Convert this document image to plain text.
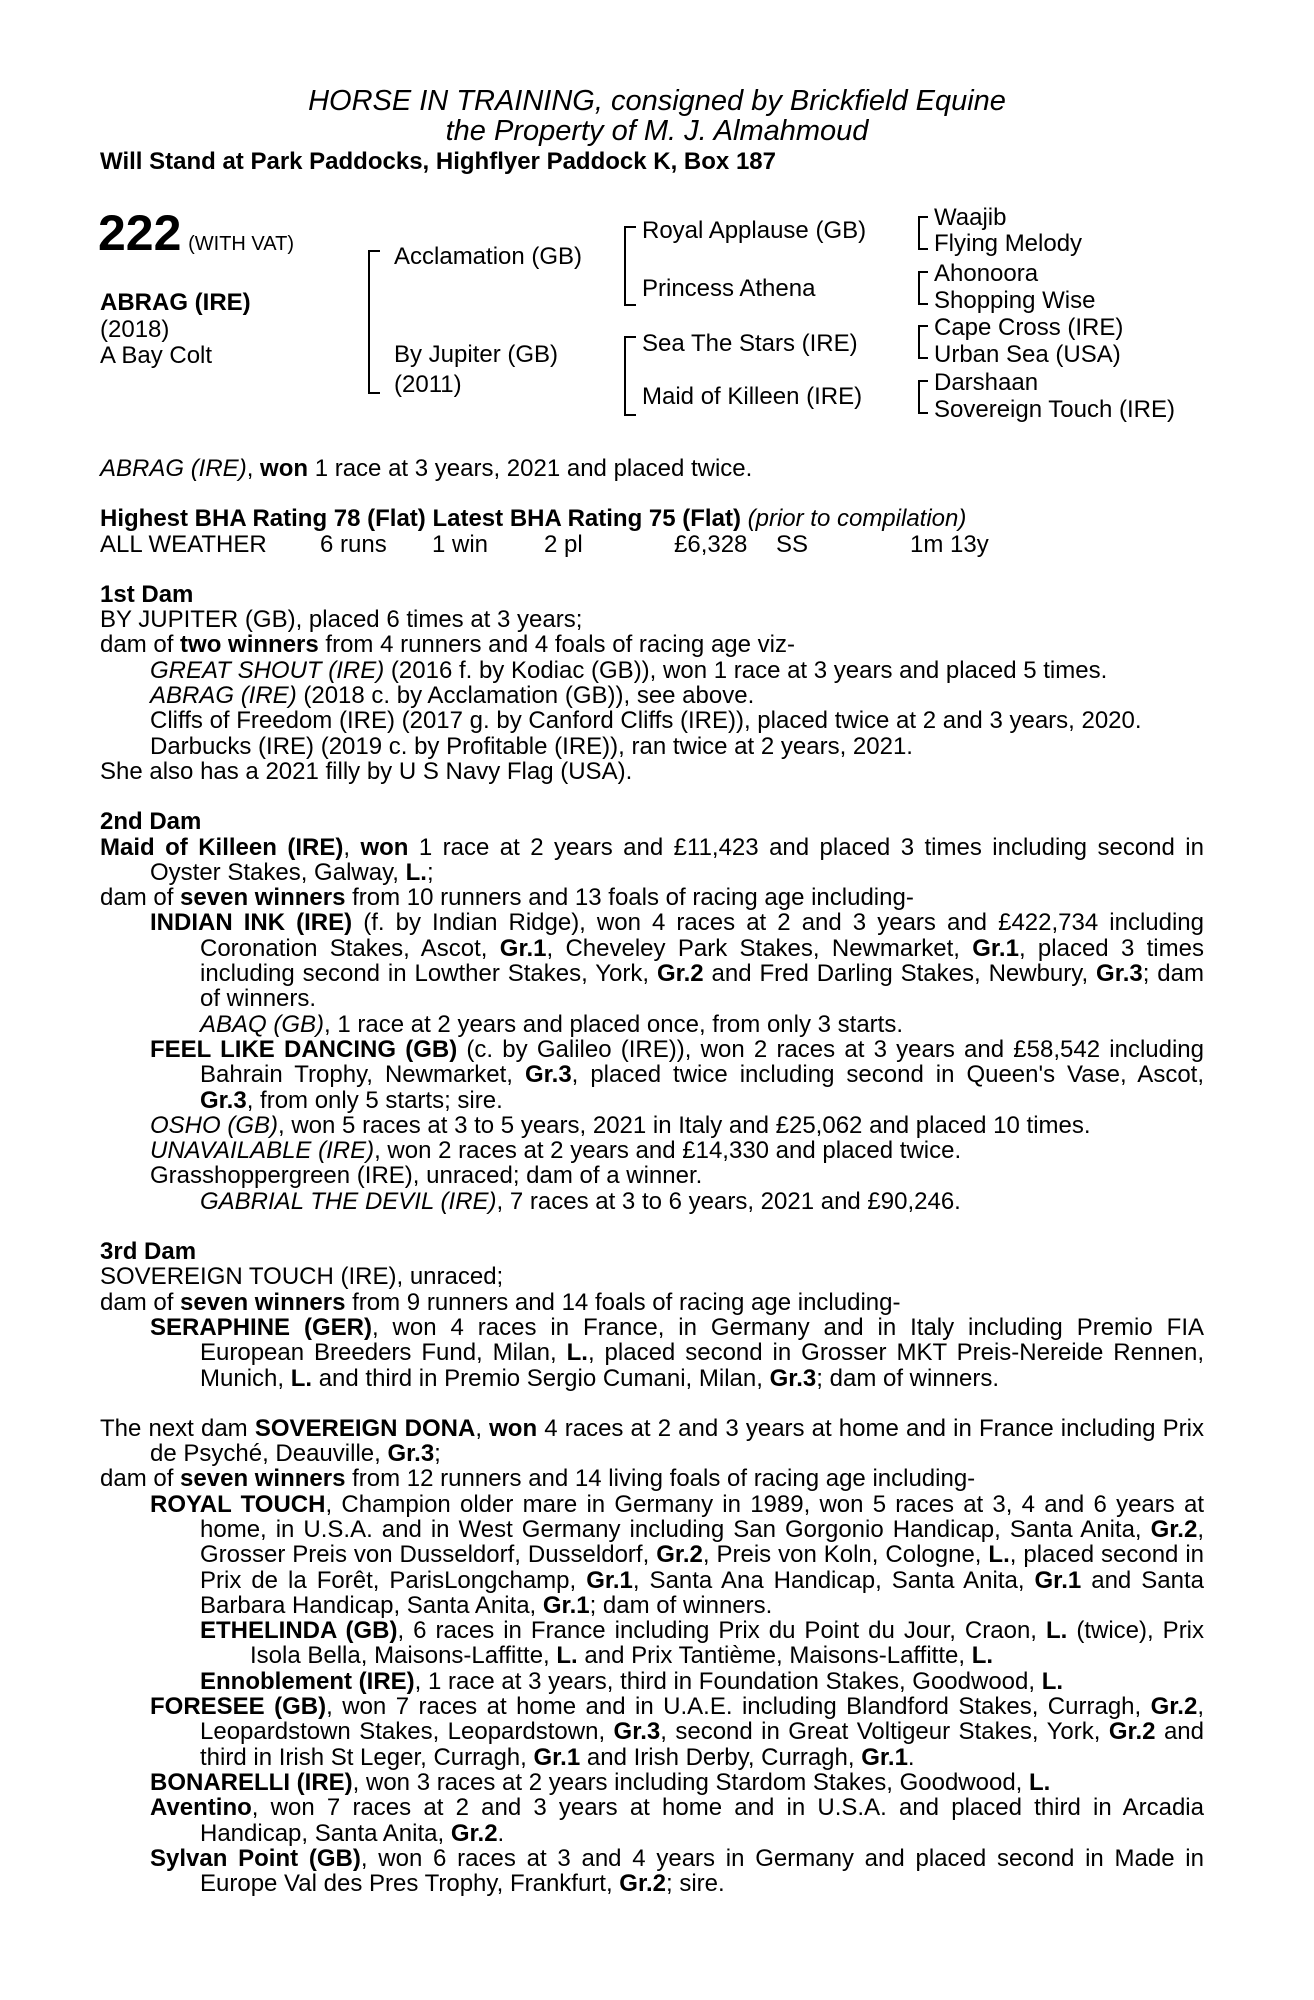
HORSE IN TRAINING, consigned by Brickfield Equine
the Property of M. J. Almahmoud
Will Stand at Park Paddocks, Highflyer Paddock K, Box 187
222 (WITH VAT)
ABRAG (IRE)
(2018)
A Bay Colt
Acclamation (GB)
By Jupiter (GB)
(2011)
Royal Applause (GB)
Princess Athena
Sea The Stars (IRE)
Maid of Killeen (IRE)
Waajib
Flying Melody
Ahonoora
Shopping Wise
Cape Cross (IRE)
Urban Sea (USA)
Darshaan
Sovereign Touch (IRE)

ABRAG (IRE), won 1 race at 3 years, 2021 and placed twice.

Highest BHA Rating 78 (Flat) Latest BHA Rating 75 (Flat) (prior to compilation)

ALL WEATHER 6 runs 1 win 2 pl	£6,328 SS	1m 13y

1st Dam

BY JUPITER (GB), placed 6 times at 3 years;

dam of two winners from 4 runners and 4 foals of racing age viz-

GREAT SHOUT (IRE) (2016 f. by Kodiac (GB)), won 1 race at 3 years and placed 5 times.

ABRAG (IRE) (2018 c. by Acclamation (GB)), see above.

Cliffs of Freedom (IRE) (2017 g. by Canford Cliffs (IRE)), placed twice at 2 and 3 years, 2020.

Darbucks (IRE) (2019 c. by Profitable (IRE)), ran twice at 2 years, 2021.

She also has a 2021 filly by U S Navy Flag (USA).

2nd Dam

Maid of Killeen (IRE), won 1 race at 2 years and £11,423 and placed 3 times including second in Oyster Stakes, Galway, L.;

dam of seven winners from 10 runners and 13 foals of racing age including-

INDIAN INK (IRE) (f. by Indian Ridge), won 4 races at 2 and 3 years and £422,734 including Coronation Stakes, Ascot, Gr.1, Cheveley Park Stakes, Newmarket, Gr.1, placed 3 times including second in Lowther Stakes, York, Gr.2 and Fred Darling Stakes, Newbury, Gr.3; dam of winners.

ABAQ (GB), 1 race at 2 years and placed once, from only 3 starts.

FEEL LIKE DANCING (GB) (c. by Galileo (IRE)), won 2 races at 3 years and £58,542 including Bahrain Trophy, Newmarket, Gr.3, placed twice including second in Queen's Vase, Ascot, Gr.3, from only 5 starts; sire.

OSHO (GB), won 5 races at 3 to 5 years, 2021 in Italy and £25,062 and placed 10 times.

UNAVAILABLE (IRE), won 2 races at 2 years and £14,330 and placed twice.

Grasshoppergreen (IRE), unraced; dam of a winner.

GABRIAL THE DEVIL (IRE), 7 races at 3 to 6 years, 2021 and £90,246.

3rd Dam

SOVEREIGN TOUCH (IRE), unraced;

dam of seven winners from 9 runners and 14 foals of racing age including-

SERAPHINE (GER), won 4 races in France, in Germany and in Italy including Premio FIA European Breeders Fund, Milan, L., placed second in Grosser MKT Preis-Nereide Rennen, Munich, L. and third in Premio Sergio Cumani, Milan, Gr.3; dam of winners.

The next dam SOVEREIGN DONA, won 4 races at 2 and 3 years at home and in France including Prix de Psyché, Deauville, Gr.3;

dam of seven winners from 12 runners and 14 living foals of racing age including-

ROYAL TOUCH, Champion older mare in Germany in 1989, won 5 races at 3, 4 and 6 years at home, in U.S.A. and in West Germany including San Gorgonio Handicap, Santa Anita, Gr.2, Grosser Preis von Dusseldorf, Dusseldorf, Gr.2, Preis von Koln, Cologne, L., placed second in Prix de la Forêt, ParisLongchamp, Gr.1, Santa Ana Handicap, Santa Anita, Gr.1 and Santa Barbara Handicap, Santa Anita, Gr.1; dam of winners.

ETHELINDA (GB), 6 races in France including Prix du Point du Jour, Craon, L. (twice), Prix Isola Bella, Maisons-Laffitte, L. and Prix Tantième, Maisons-Laffitte, L.

Ennoblement (IRE), 1 race at 3 years, third in Foundation Stakes, Goodwood, L.

FORESEE (GB), won 7 races at home and in U.A.E. including Blandford Stakes, Curragh, Gr.2, Leopardstown Stakes, Leopardstown, Gr.3, second in Great Voltigeur Stakes, York, Gr.2 and third in Irish St Leger, Curragh, Gr.1 and Irish Derby, Curragh, Gr.1.

BONARELLI (IRE), won 3 races at 2 years including Stardom Stakes, Goodwood, L.

Aventino, won 7 races at 2 and 3 years at home and in U.S.A. and placed third in Arcadia Handicap, Santa Anita, Gr.2.

Sylvan Point (GB), won 6 races at 3 and 4 years in Germany and placed second in Made in Europe Val des Pres Trophy, Frankfurt, Gr.2; sire.
